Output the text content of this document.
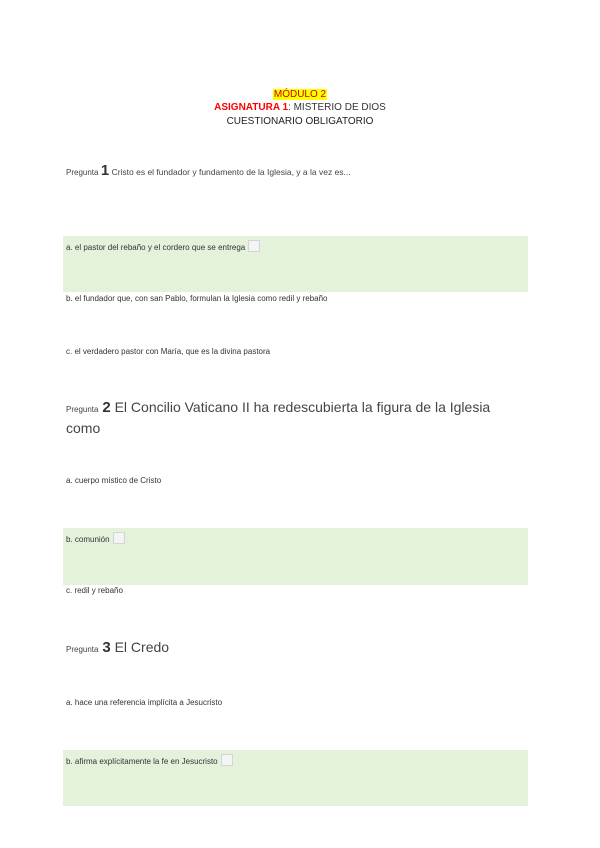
MÓDULO 2
ASIGNATURA 1: MISTERIO DE DIOS
CUESTIONARIO OBLIGATORIO
Pregunta 1 Cristo es el fundador y fundamento de la Iglesia, y a la vez es...
a. el pastor del rebaño y el cordero que se entrega
b. el fundador que, con san Pablo, formulan la Iglesia como redil y rebaño
c. el verdadero pastor con María, que es la divina pastora
Pregunta 2 El Concilio Vaticano II ha redescubierta la figura de la Iglesia
como
a. cuerpo místico de Cristo
b. comunión
c. redil y rebaño
Pregunta 3 El Credo
a. hace una referencia implícita a Jesucristo
b. afirma explícitamente la fe en Jesucristo
